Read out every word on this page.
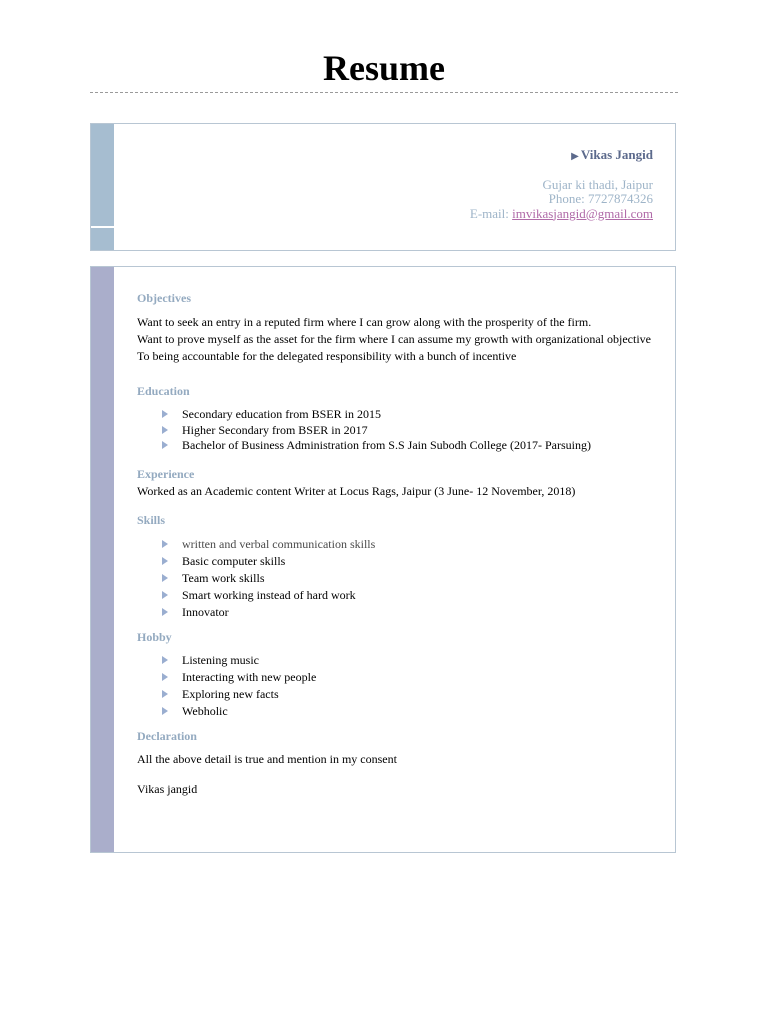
Resume
▶ Vikas Jangid
Gujar ki thadi, Jaipur
Phone: 7727874326
E-mail: imvikasjangid@gmail.com
Objectives
Want to seek an entry in a reputed firm where I can grow along with the prosperity of the firm.
Want to prove myself as the asset for the firm where I can assume my growth with organizational objective
To being accountable for the delegated responsibility with a bunch of incentive
Education
Secondary education from BSER in 2015
Higher Secondary from BSER in 2017
Bachelor of Business Administration from S.S Jain Subodh College (2017- Parsuing)
Experience
Worked as an Academic content Writer at Locus Rags, Jaipur (3 June- 12 November, 2018)
Skills
written and verbal communication skills
Basic computer skills
Team work skills
Smart working instead of hard work
Innovator
Hobby
Listening music
Interacting with new people
Exploring new facts
Webholic
Declaration
All the above detail is true and mention in my consent
Vikas jangid
